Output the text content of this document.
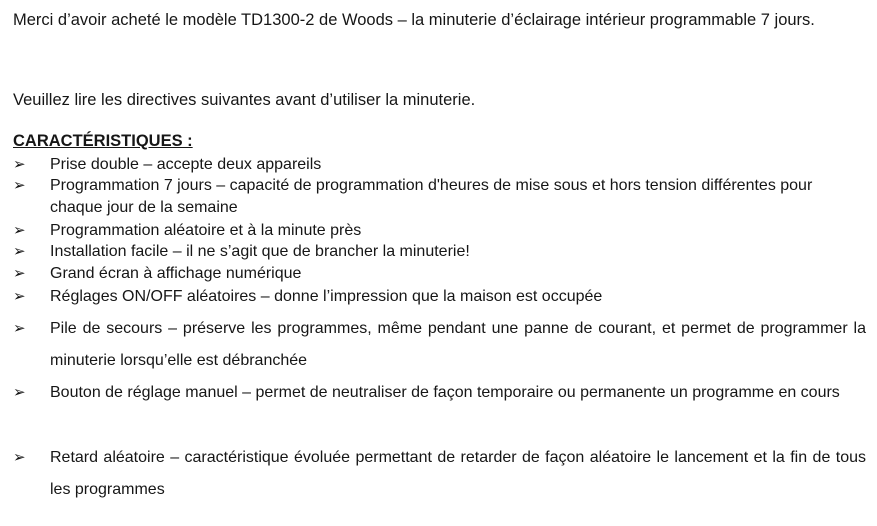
Merci d’avoir acheté le modèle TD1300-2 de Woods – la minuterie d’éclairage intérieur programmable 7 jours.

Veuillez lire les directives suivantes avant d’utiliser la minuterie.

CARACTÉRISTIQUES :
➢	Prise double – accepte deux appareils
➢	Programmation 7 jours – capacité de programmation d'heures de mise sous et hors tension différentes pour chaque jour de la semaine
➢	Programmation aléatoire et à la minute près
➢	Installation facile – il ne s’agit que de brancher la minuterie!
➢	Grand écran à affichage numérique
➢	Réglages ON/OFF aléatoires – donne l’impression que la maison est occupée
➢	Pile de secours – préserve les programmes, même pendant une panne de courant, et permet de programmer la minuterie lorsqu’elle est débranchée
➢	Bouton de réglage manuel – permet de neutraliser de façon temporaire ou permanente un programme en cours
➢	Retard aléatoire – caractéristique évoluée permettant de retarder de façon aléatoire le lancement et la fin de tous les programmes
